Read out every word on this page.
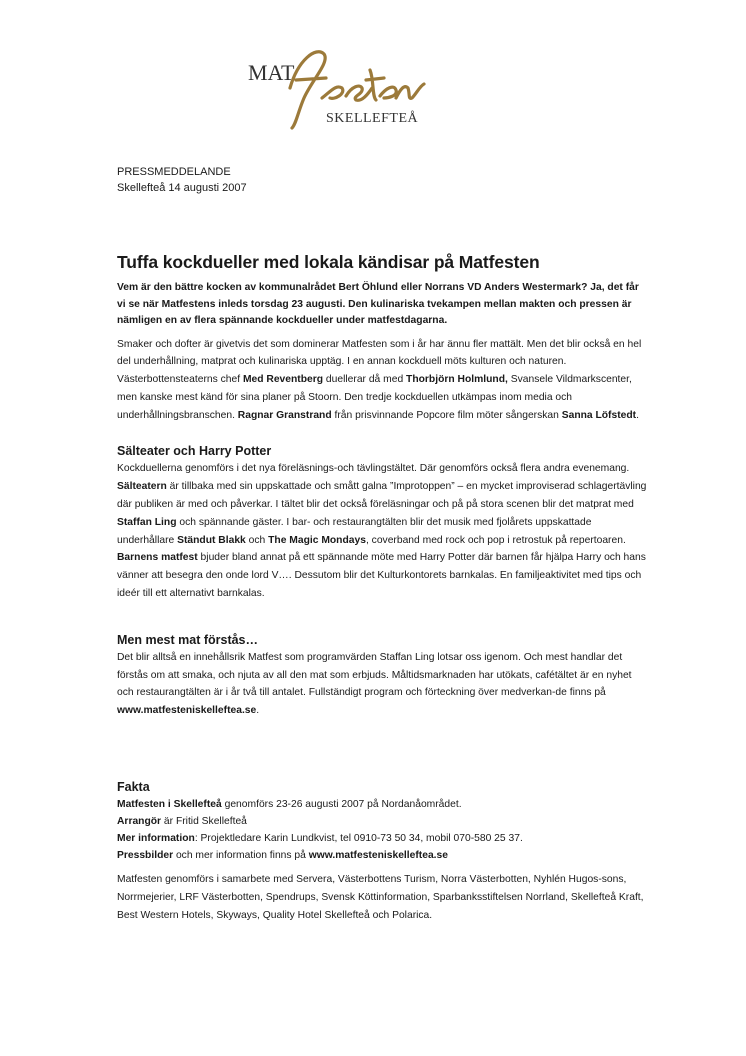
MAT
SKELLEFTEÅ
PRESSMEDDELANDE
Skellefteå 14 augusti 2007
Tuffa kockdueller med lokala kändisar på Matfesten
Vem är den bättre kocken av kommunalrådet Bert Öhlund eller Norrans VD Anders Westermark? Ja, det får vi se när Matfestens inleds torsdag 23 augusti. Den kulinariska tvekampen mellan makten och pressen är nämligen en av flera spännande kockdueller under matfestdagarna.

Smaker och dofter är givetvis det som dominerar Matfesten som i år har ännu fler mattält. Men det blir också en hel del underhållning, matprat och kulinariska upptäg. I en annan kockduell möts kulturen och naturen. Västerbottensteaterns chef Med Reventberg duellerar då med Thorbjörn Holmlund, Svansele Vildmarkscenter, men kanske mest känd för sina planer på Stoorn. Den tredje kockduellen utkämpas inom media och underhållningsbranschen. Ragnar Granstrand från prisvinnande Popcore film möter sångerskan Sanna Löfstedt.

Sälteater och Harry Potter

Kockduellerna genomförs i det nya föreläsnings-och tävlingstältet. Där genomförs också flera andra evenemang. Sälteatern är tillbaka med sin uppskattade och smått galna ”Improtoppen” – en mycket improviserad schlagertävling där publiken är med och påverkar. I tältet blir det också föreläsningar och på på stora scenen blir det matprat med Staffan Ling och spännande gäster. I bar- och restaurangtälten blir det musik med fjolårets uppskattade underhållare Ständut Blakk och The Magic Mondays, coverband med rock och pop i retrostuk på repertoaren. Barnens matfest bjuder bland annat på ett spännande möte med Harry Potter där barnen får hjälpa Harry och hans vänner att besegra den onde lord V…. Dessutom blir det Kulturkontorets barnkalas. En familjeaktivitet med tips och ideér till ett alternativt barnkalas.

Men mest mat förstås…

Det blir alltså en innehållsrik Matfest som programvärden Staffan Ling lotsar oss igenom. Och mest handlar det förstås om att smaka, och njuta av all den mat som erbjuds. Måltidsmarknaden har utökats, cafétältet är en nyhet och restaurangtälten är i år två till antalet. Fullständigt program och förteckning över medverkan-de finns på www.matfesteniskelleftea.se.

Fakta
Matfesten i Skellefteå genomförs 23-26 augusti 2007 på Nordanåområdet.
Arrangör är Fritid Skellefteå
Mer information: Projektledare Karin Lundkvist, tel 0910-73 50 34, mobil 070-580 25 37.
Pressbilder och mer information finns på www.matfesteniskelleftea.se

Matfesten genomförs i samarbete med Servera, Västerbottens Turism, Norra Västerbotten, Nyhlén Hugos-sons, Norrmejerier, LRF Västerbotten, Spendrups, Svensk Köttinformation, Sparbanksstiftelsen Norrland, Skellefteå Kraft, Best Western Hotels, Skyways, Quality Hotel Skellefteå och Polarica.
